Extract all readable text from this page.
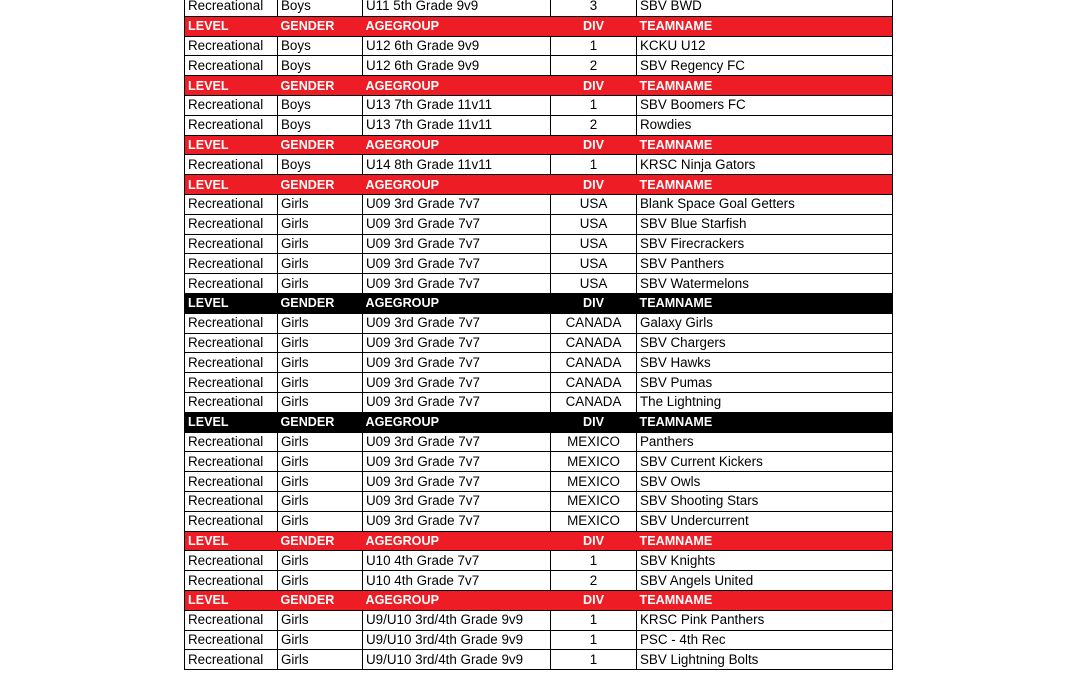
Recreational	Boys	U11 5th Grade 9v9	3	SBV BWD
LEVEL	GENDER	AGEGROUP	DIV	TEAMNAME
Recreational	Boys	U12 6th Grade 9v9	1	KCKU U12
Recreational	Boys	U12 6th Grade 9v9	2	SBV Regency FC
LEVEL	GENDER	AGEGROUP	DIV	TEAMNAME
Recreational	Boys	U13 7th Grade 11v11	1	SBV Boomers FC
Recreational	Boys	U13 7th Grade 11v11	2	Rowdies
LEVEL	GENDER	AGEGROUP	DIV	TEAMNAME
Recreational	Boys	U14 8th Grade 11v11	1	KRSC Ninja Gators
LEVEL	GENDER	AGEGROUP	DIV	TEAMNAME
Recreational	Girls	U09 3rd Grade 7v7	USA	Blank Space Goal Getters
Recreational	Girls	U09 3rd Grade 7v7	USA	SBV Blue Starfish
Recreational	Girls	U09 3rd Grade 7v7	USA	SBV Firecrackers
Recreational	Girls	U09 3rd Grade 7v7	USA	SBV Panthers
Recreational	Girls	U09 3rd Grade 7v7	USA	SBV Watermelons
LEVEL	GENDER	AGEGROUP	DIV	TEAMNAME
Recreational	Girls	U09 3rd Grade 7v7	CANADA	Galaxy Girls
Recreational	Girls	U09 3rd Grade 7v7	CANADA	SBV Chargers
Recreational	Girls	U09 3rd Grade 7v7	CANADA	SBV Hawks
Recreational	Girls	U09 3rd Grade 7v7	CANADA	SBV Pumas
Recreational	Girls	U09 3rd Grade 7v7	CANADA	The Lightning
LEVEL	GENDER	AGEGROUP	DIV	TEAMNAME
Recreational	Girls	U09 3rd Grade 7v7	MEXICO	Panthers
Recreational	Girls	U09 3rd Grade 7v7	MEXICO	SBV Current Kickers
Recreational	Girls	U09 3rd Grade 7v7	MEXICO	SBV Owls
Recreational	Girls	U09 3rd Grade 7v7	MEXICO	SBV Shooting Stars
Recreational	Girls	U09 3rd Grade 7v7	MEXICO	SBV Undercurrent
LEVEL	GENDER	AGEGROUP	DIV	TEAMNAME
Recreational	Girls	U10 4th Grade 7v7	1	SBV Knights
Recreational	Girls	U10 4th Grade 7v7	2	SBV Angels United
LEVEL	GENDER	AGEGROUP	DIV	TEAMNAME
Recreational	Girls	U9/U10 3rd/4th Grade 9v9	1	KRSC Pink Panthers
Recreational	Girls	U9/U10 3rd/4th Grade 9v9	1	PSC - 4th Rec
Recreational	Girls	U9/U10 3rd/4th Grade 9v9	1	SBV Lightning Bolts
